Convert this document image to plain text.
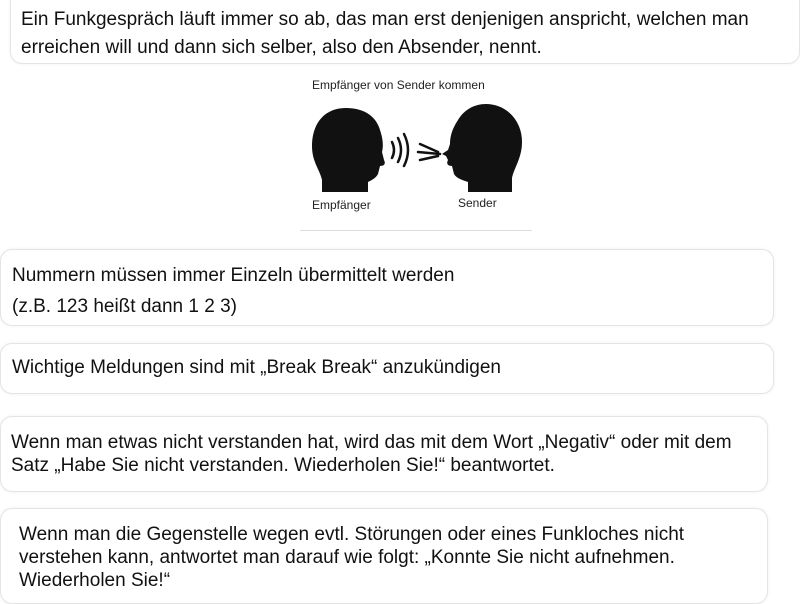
Ein Funkgespräch läuft immer so ab, das man erst denjenigen anspricht, welchen man erreichen will und dann sich selber, also den Absender, nennt.

Empfänger von Sender kommen
Empfänger	Sender

Nummern müssen immer Einzeln übermittelt werden
(z.B. 123 heißt dann 1 2 3)

Wichtige Meldungen sind mit „Break Break“ anzukündigen

Wenn man etwas nicht verstanden hat, wird das mit dem Wort „Negativ“ oder mit dem Satz „Habe Sie nicht verstanden. Wiederholen Sie!“ beantwortet.

Wenn man die Gegenstelle wegen evtl. Störungen oder eines Funkloches nicht verstehen kann, antwortet man darauf wie folgt: „Konnte Sie nicht aufnehmen. Wiederholen Sie!“
